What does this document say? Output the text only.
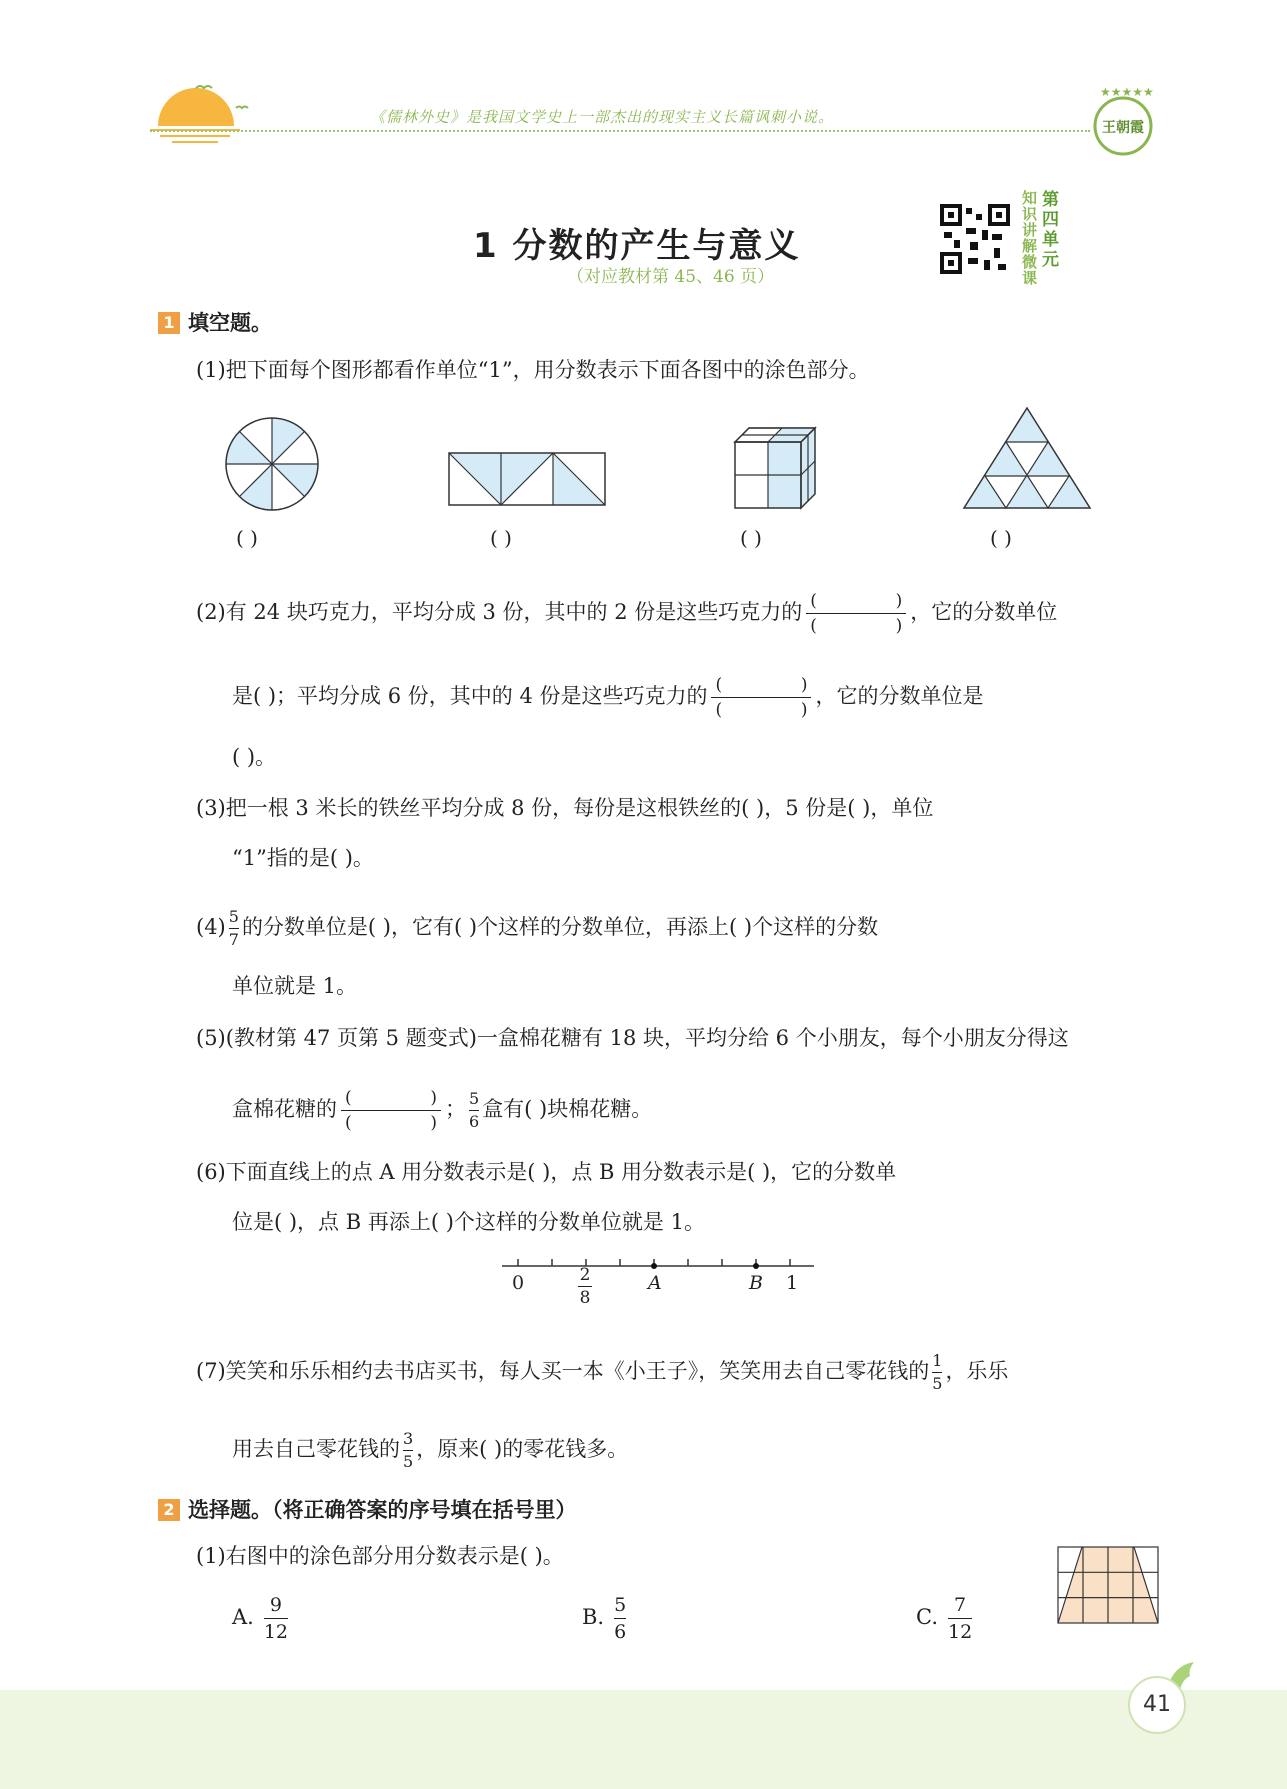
《儒林外史》是我国文学史上一部杰出的现实主义长篇讽刺小说。
★★★★★
王朝霞
1 分数的产生与意义
（对应教材第 45、46 页）
知识讲解微课
第四单元
1 填空题。
(1)把下面每个图形都看作单位“1”，用分数表示下面各图中的涂色部分。
( )	( )	( )	( )
(2)有 24 块巧克力，平均分成 3 份，其中的 2 份是这些巧克力的 (	)
(	) ，它的分数单位
是( )；平均分成 6 份，其中的 4 份是这些巧克力的 (	)
(	) ，它的分数单位是
( )。
(3)把一根 3 米长的铁丝平均分成 8 份，每份是这根铁丝的( )，5 份是( )，单位
“1”指的是( )。
$(4) \frac{5}{7}$ 的分数单位是( )，它有( )个这样的分数单位，再添上( )个这样的分数
单位就是 1。
(5)(教材第 47 页第 5 题变式)一盒棉花糖有 18 块，平均分给 6 个小朋友，每个小朋友分得这
盒棉花糖的 (	)
(	) ； $\frac{5}{6}$ 盒有( )块棉花糖。
(6)下面直线上的点 A 用分数表示是( )，点 B 用分数表示是( )，它的分数单
位是( )，点 B 再添上( )个这样的分数单位就是 1。
0	2
8
A	B 1
(7)笑笑和乐乐相约去书店买书，每人买一本《小王子》，笑笑用去自己零花钱的 $\frac{1}{5}$ ，乐乐
用去自己零花钱的 $\frac{3}{5}$ ，原来( )的零花钱多。
2 选择题。（将正确答案的序号填在括号里）
(1)右图中的涂色部分用分数表示是( )。
A. $\frac{9}{12}$	B. $\frac{5}{6}$	C. $\frac{7}{12}$
41
